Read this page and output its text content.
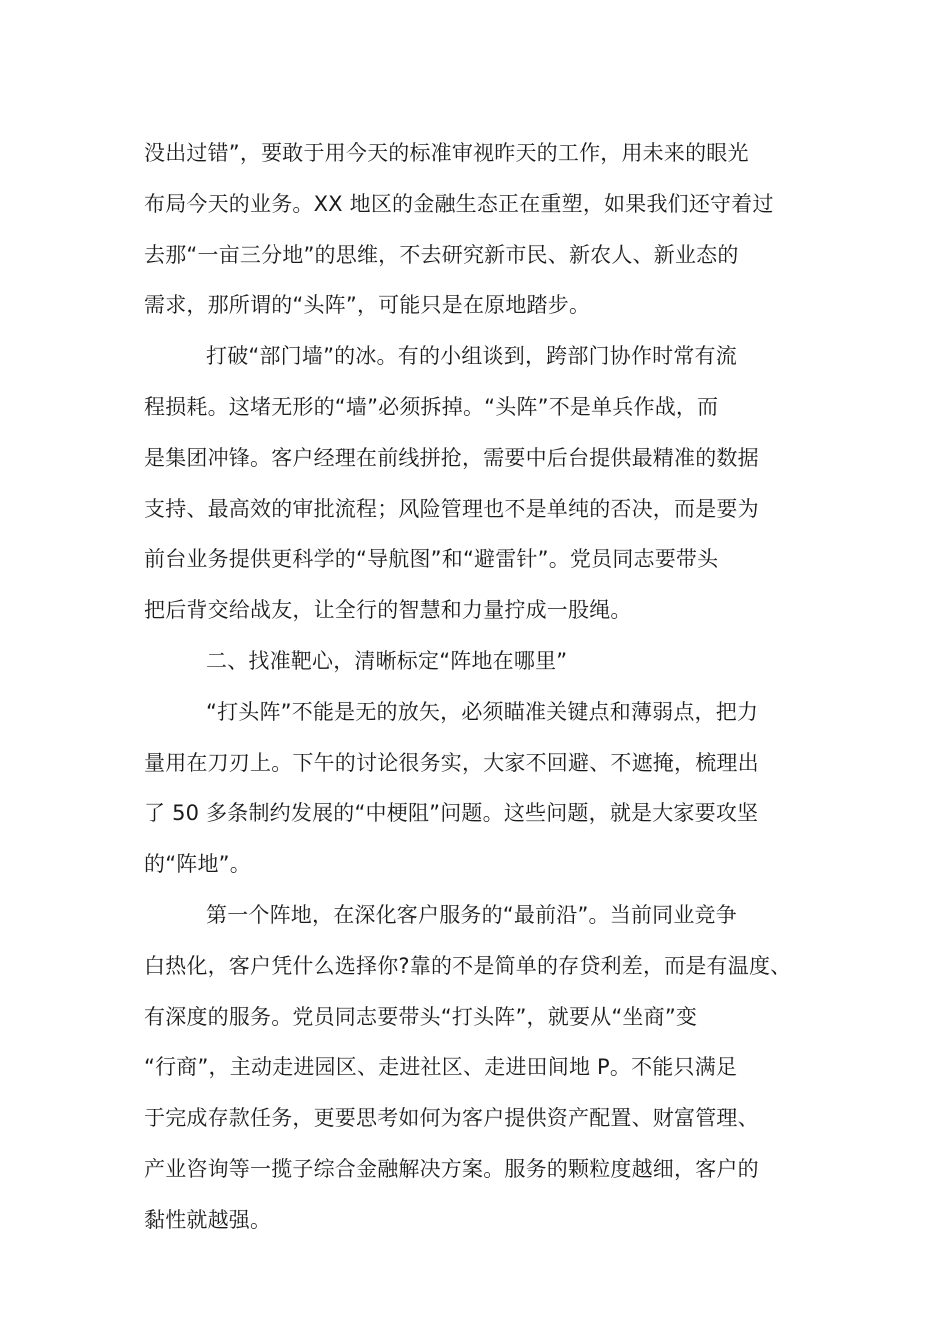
没出过错”，要敢于用今天的标准审视昨天的工作，用未来的眼光
布局今天的业务。XX 地区的金融生态正在重塑，如果我们还守着过
去那“一亩三分地”的思维，不去研究新市民、新农人、新业态的
需求，那所谓的“头阵”，可能只是在原地踏步。
打破“部门墙”的冰。有的小组谈到，跨部门协作时常有流
程损耗。这堵无形的“墙”必须拆掉。“头阵”不是单兵作战，而
是集团冲锋。客户经理在前线拼抢，需要中后台提供最精准的数据
支持、最高效的审批流程；风险管理也不是单纯的否决，而是要为
前台业务提供更科学的“导航图”和“避雷针”。党员同志要带头
把后背交给战友，让全行的智慧和力量拧成一股绳。
二、找准靶心，清晰标定“阵地在哪里”
“打头阵”不能是无的放矢，必须瞄准关键点和薄弱点，把力
量用在刀刃上。下午的讨论很务实，大家不回避、不遮掩，梳理出
了 50 多条制约发展的“中梗阻”问题。这些问题，就是大家要攻坚
的“阵地”。
第一个阵地，在深化客户服务的“最前沿”。当前同业竞争
白热化，客户凭什么选择你?靠的不是简单的存贷利差，而是有温度、
有深度的服务。党员同志要带头“打头阵”，就要从“坐商”变
“行商”，主动走进园区、走进社区、走进田间地 P。不能只满足
于完成存款任务，更要思考如何为客户提供资产配置、财富管理、
产业咨询等一揽子综合金融解决方案。服务的颗粒度越细，客户的
黏性就越强。
